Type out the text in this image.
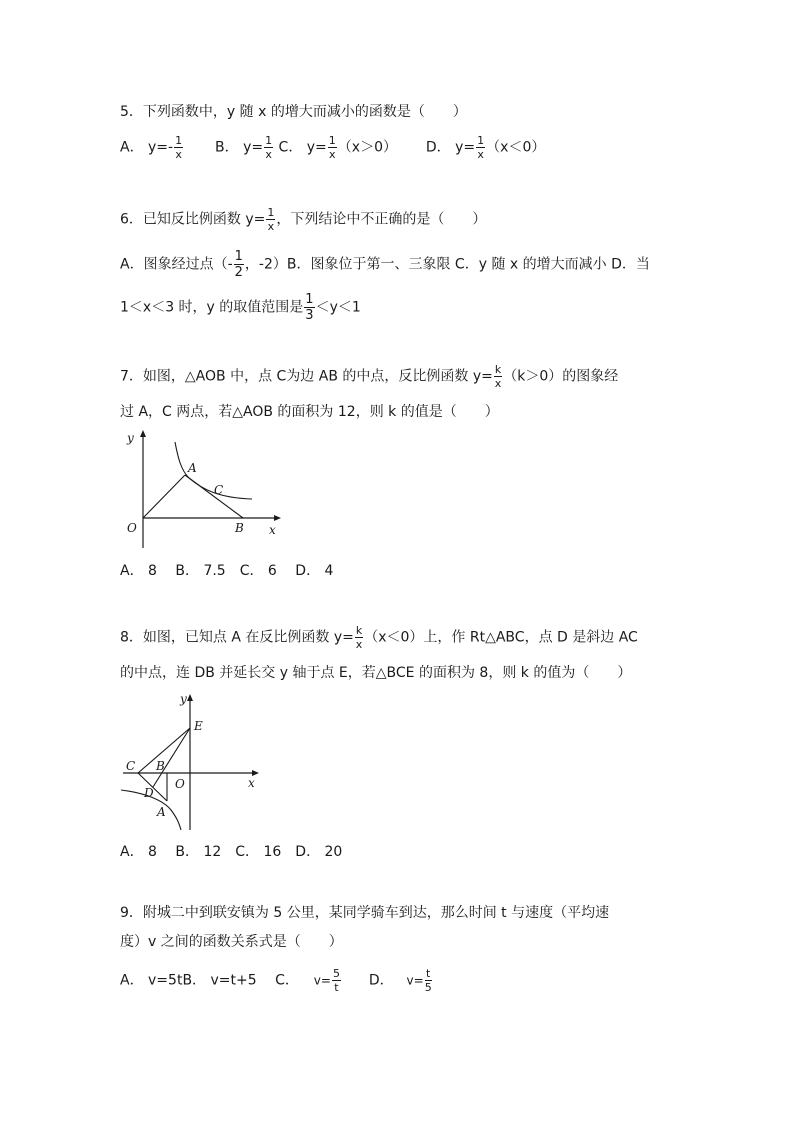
5．下列函数中，y 随 x 的增大而减小的函数是（　　）
A． $y=- \frac{1}{x}$ B． $y= \frac{1}{x}$ C． $y= \frac{1}{x} (x>0)$ D． $y= \frac{1}{x} (x<0)$
6．已知反比例函数 $y= \frac{1}{x}$ ，下列结论中不正确的是（　　）
A．图象经过点（- $\frac{1}{2}$ ，-2）B．图象位于第一、三象限 C．y 随 x 的增大而减小 D．当
1＜x＜3 时，y 的取值范围是 $\frac{1}{3} <y<1$
7．如图，△AOB 中，点 C为边 AB 的中点，反比例函数 $y= \frac{k}{x} (k>0)$的图象经
过 A，C 两点，若△AOB 的面积为 12，则 k 的值是（　　）
y
x
O
A
B
C
A． 8　 B． 7.5　C． 6　 D． 4
8．如图，已知点 A 在反比例函数 $y= \frac{k}{x} (x<0)$上，作 Rt△ABC，点 D 是斜边 AC
的中点，连 DB 并延长交 y 轴于点 E，若△BCE 的面积为 8，则 k 的值为（　　）
y
x
O
E
C B
D
A
A． 8　 B． 12　C． 16　D． 20
9．附城二中到联安镇为 5 公里，某同学骑车到达，那么时间 t 与速度（平均速
度）v 之间的函数关系式是（　　）
A． v=5tB． v=t+5　 C． $v= \frac{5}{t}$ D． $v= \frac{t}{5}$
